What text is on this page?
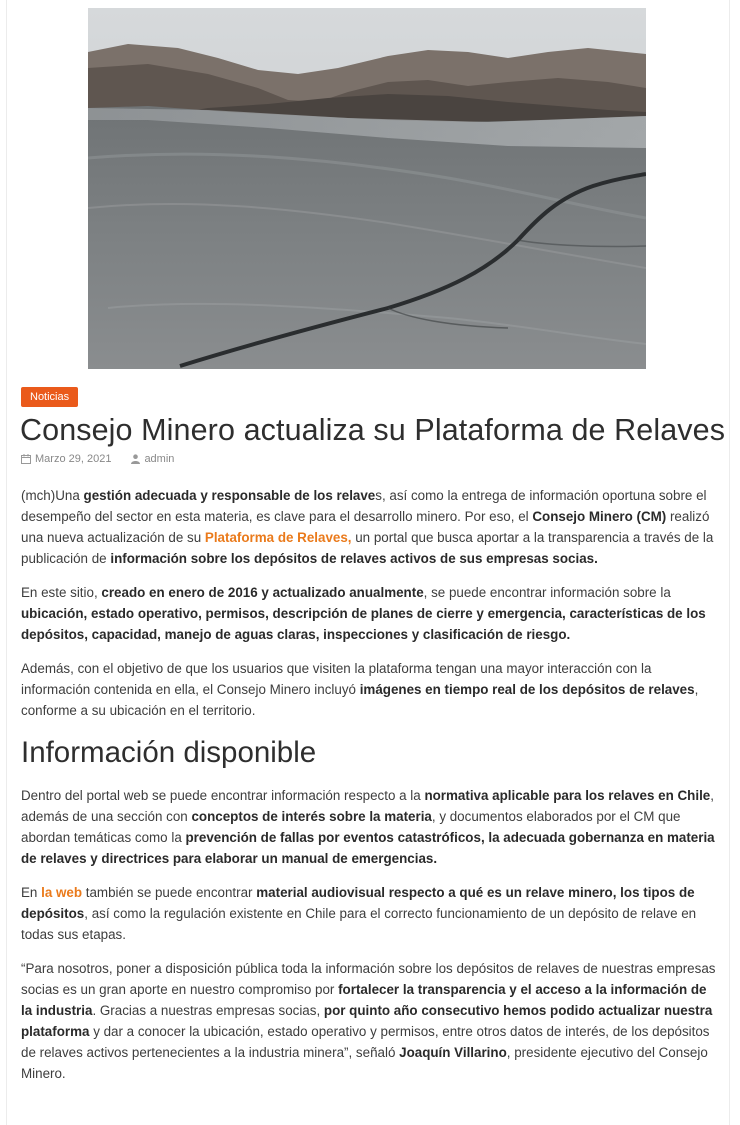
Noticias
Consejo Minero actualiza su Plataforma de Relaves
Marzo 29, 2021	admin

(mch)Una gestión adecuada y responsable de los relaves, así como la entrega de información oportuna sobre el desempeño del sector en esta materia, es clave para el desarrollo minero. Por eso, el Consejo Minero (CM) realizó una nueva actualización de su Plataforma de Relaves, un portal que busca aportar a la transparencia a través de la publicación de información sobre los depósitos de relaves activos de sus empresas socias.

En este sitio, creado en enero de 2016 y actualizado anualmente, se puede encontrar información sobre la ubicación, estado operativo, permisos, descripción de planes de cierre y emergencia, características de los depósitos, capacidad, manejo de aguas claras, inspecciones y clasificación de riesgo.

Además, con el objetivo de que los usuarios que visiten la plataforma tengan una mayor interacción con la información contenida en ella, el Consejo Minero incluyó imágenes en tiempo real de los depósitos de relaves, conforme a su ubicación en el territorio.

Información disponible

Dentro del portal web se puede encontrar información respecto a la normativa aplicable para los relaves en Chile, además de una sección con conceptos de interés sobre la materia, y documentos elaborados por el CM que abordan temáticas como la prevención de fallas por eventos catastróficos, la adecuada gobernanza en materia de relaves y directrices para elaborar un manual de emergencias.

En la web también se puede encontrar material audiovisual respecto a qué es un relave minero, los tipos de depósitos, así como la regulación existente en Chile para el correcto funcionamiento de un depósito de relave en todas sus etapas.

“Para nosotros, poner a disposición pública toda la información sobre los depósitos de relaves de nuestras empresas socias es un gran aporte en nuestro compromiso por fortalecer la transparencia y el acceso a la información de la industria. Gracias a nuestras empresas socias, por quinto año consecutivo hemos podido actualizar nuestra plataforma y dar a conocer la ubicación, estado operativo y permisos, entre otros datos de interés, de los depósitos de relaves activos pertenecientes a la industria minera”, señaló Joaquín Villarino, presidente ejecutivo del Consejo Minero.
